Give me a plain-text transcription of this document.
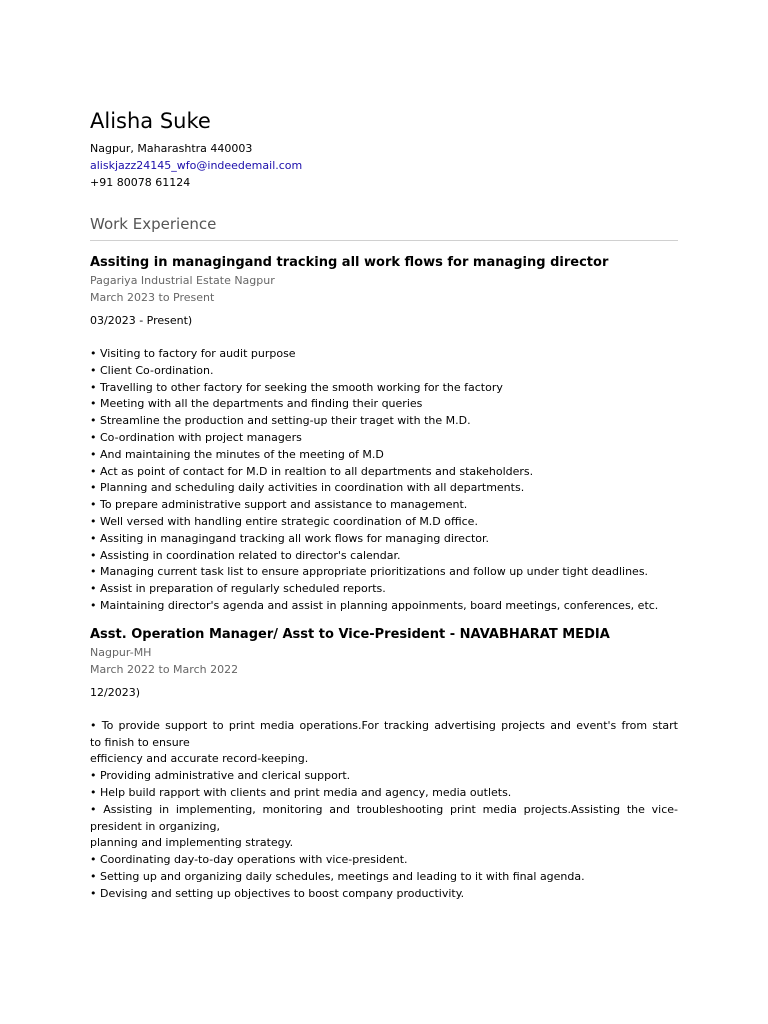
Alisha Suke
Nagpur, Maharashtra 440003
aliskjazz24145_wfo@indeedemail.com
+91 80078 61124
Work Experience
Assiting in managingand tracking all work flows for managing director
Pagariya Industrial Estate Nagpur
March 2023 to Present
03/2023 - Present)
• Visiting to factory for audit purpose
• Client Co-ordination.
• Travelling to other factory for seeking the smooth working for the factory
• Meeting with all the departments and finding their queries
• Streamline the production and setting-up their traget with the M.D.
• Co-ordination with project managers
• And maintaining the minutes of the meeting of M.D
• Act as point of contact for M.D in realtion to all departments and stakeholders.
• Planning and scheduling daily activities in coordination with all departments.
• To prepare administrative support and assistance to management.
• Well versed with handling entire strategic coordination of M.D office.
• Assiting in managingand tracking all work flows for managing director.
• Assisting in coordination related to director's calendar.
• Managing current task list to ensure appropriate prioritizations and follow up under tight deadlines.
• Assist in preparation of regularly scheduled reports.
• Maintaining director's agenda and assist in planning appoinments, board meetings, conferences, etc.
Asst. Operation Manager/ Asst to Vice-President - NAVABHARAT MEDIA
Nagpur-MH
March 2022 to March 2022
12/2023)
• To provide support to print media operations.For tracking advertising projects and event's from start
to finish to ensure
efficiency and accurate record-keeping.
• Providing administrative and clerical support.
• Help build rapport with clients and print media and agency, media outlets.
• Assisting in implementing, monitoring and troubleshooting print media projects.Assisting the vice-
president in organizing,
planning and implementing strategy.
• Coordinating day-to-day operations with vice-president.
• Setting up and organizing daily schedules, meetings and leading to it with final agenda.
• Devising and setting up objectives to boost company productivity.
